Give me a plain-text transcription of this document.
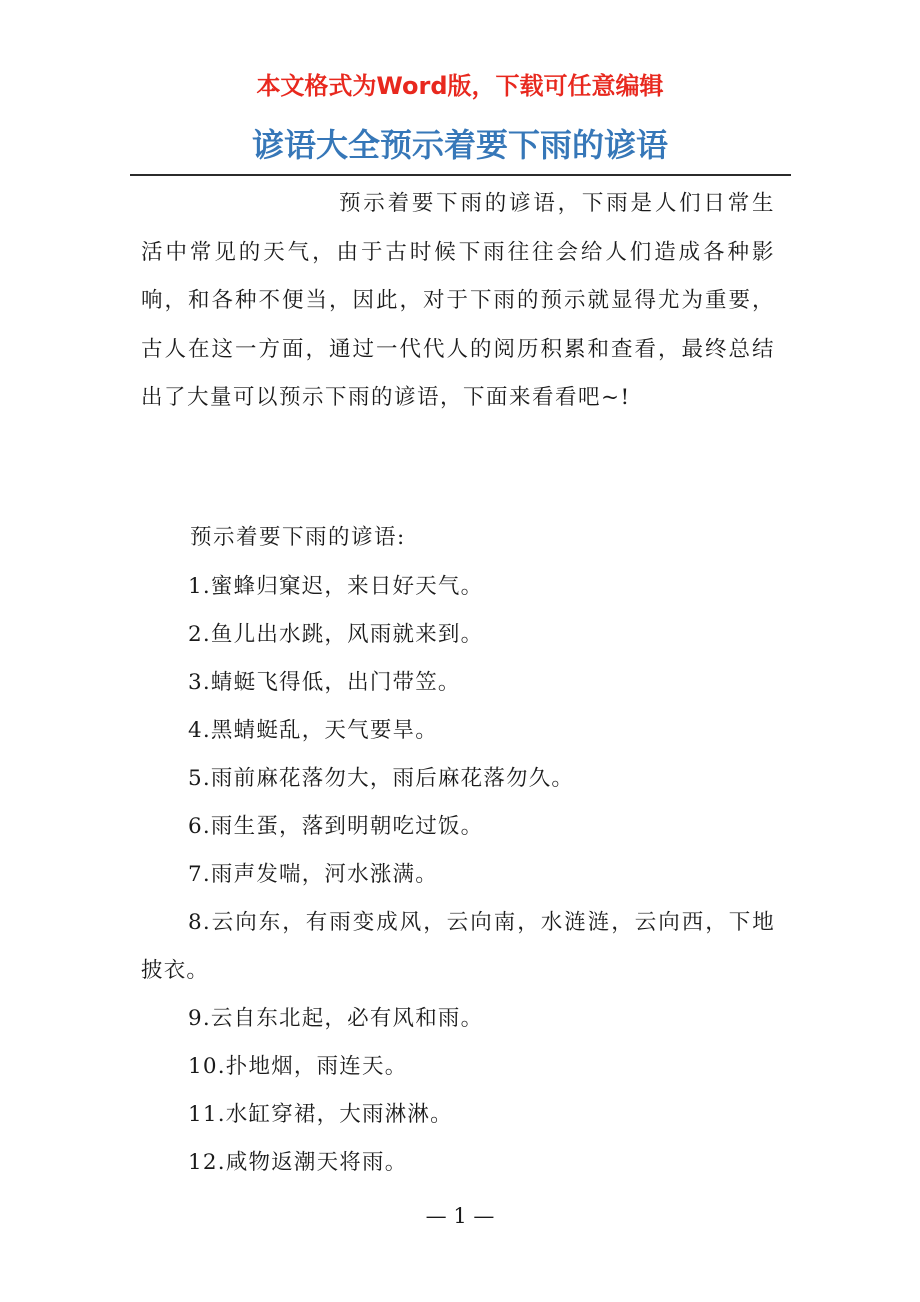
本文格式为Word版，下载可任意编辑
谚语大全预示着要下雨的谚语

预示着要下雨的谚语，下雨是人们日常生活中常见的天气，由于古时候下雨往往会给人们造成各种影响，和各种不便当，因此，对于下雨的预示就显得尤为重要，古人在这一方面，通过一代代人的阅历积累和查看，最终总结出了大量可以预示下雨的谚语，下面来看看吧~!

预示着要下雨的谚语:

1.蜜蜂归窠迟，来日好天气。
2.鱼儿出水跳，风雨就来到。
3.蜻蜓飞得低，出门带笠。
4.黑蜻蜓乱，天气要旱。
5.雨前麻花落勿大，雨后麻花落勿久。
6.雨生蛋，落到明朝吃过饭。
7.雨声发喘，河水涨满。
8.云向东，有雨变成风，云向南，水涟涟，云向西，下地披衣。
9.云自东北起，必有风和雨。
10.扑地烟，雨连天。
11.水缸穿裙，大雨淋淋。
12.咸物返潮天将雨。
— 1 —
